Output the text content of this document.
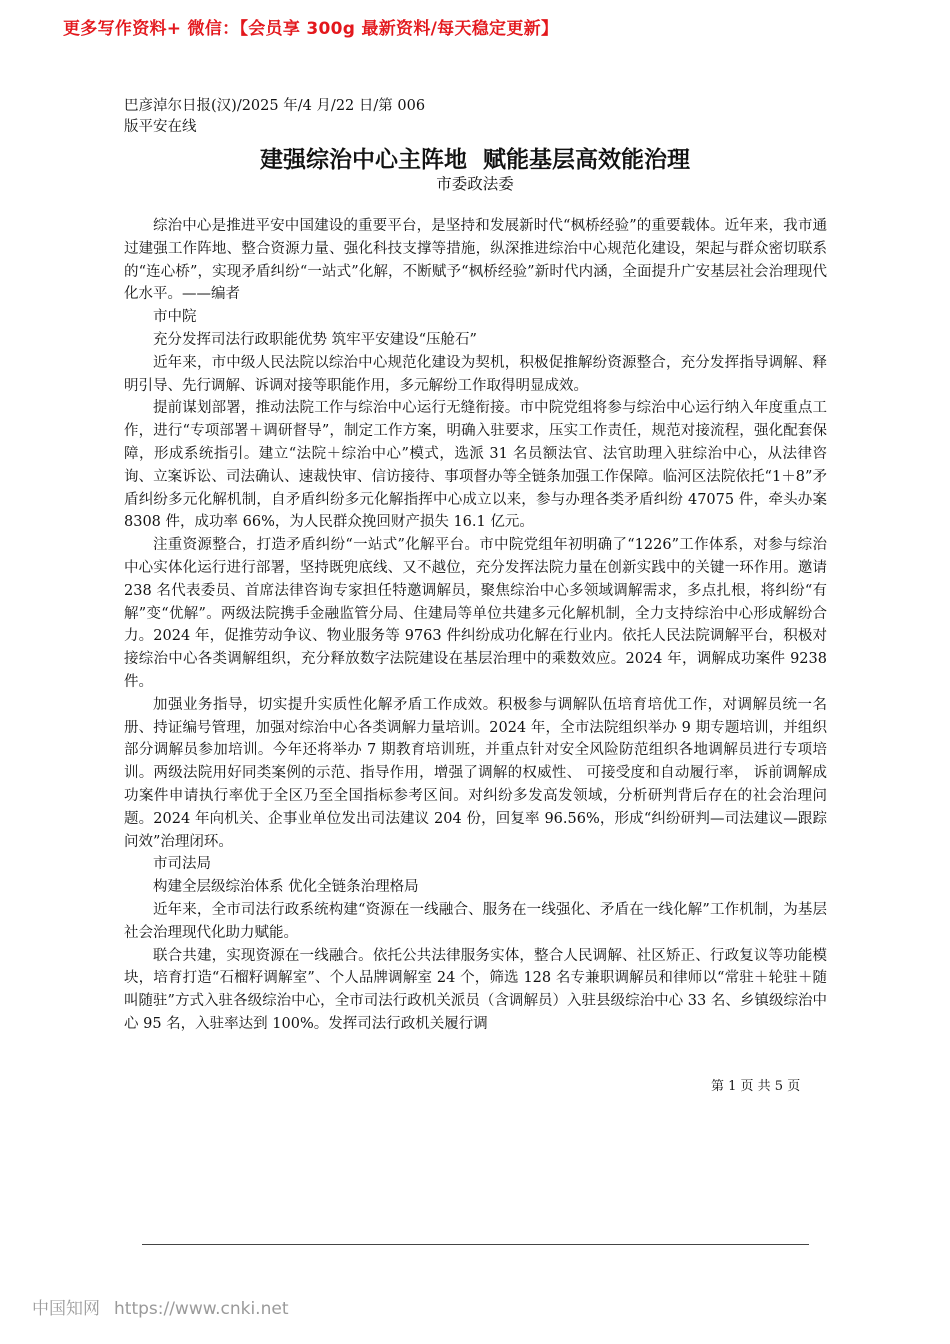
更多写作资料+ 微信：【会员享 300g 最新资料/每天稳定更新】
巴彦淖尔日报(汉)/2025 年/4 月/22 日/第 006
版平安在线
建强综治中心主阵地  赋能基层高效能治理
市委政法委

综治中心是推进平安中国建设的重要平台，是坚持和发展新时代“枫桥经验”的重要载体。近年来，我市通过建强工作阵地、整合资源力量、强化科技支撑等措施，纵深推进综治中心规范化建设，架起与群众密切联系的“连心桥”，实现矛盾纠纷“一站式”化解，不断赋予“枫桥经验”新时代内涵，全面提升广安基层社会治理现代化水平。——编者

市中院

充分发挥司法行政职能优势 筑牢平安建设“压舱石”

近年来，市中级人民法院以综治中心规范化建设为契机，积极促推解纷资源整合，充分发挥指导调解、释明引导、先行调解、诉调对接等职能作用，多元解纷工作取得明显成效。

提前谋划部署，推动法院工作与综治中心运行无缝衔接。市中院党组将参与综治中心运行纳入年度重点工作，进行“专项部署＋调研督导”，制定工作方案，明确入驻要求，压实工作责任，规范对接流程，强化配套保障，形成系统指引。建立“法院＋综治中心”模式，选派 31 名员额法官、法官助理入驻综治中心，从法律咨询、立案诉讼、司法确认、速裁快审、信访接待、事项督办等全链条加强工作保障。临河区法院依托“1＋8”矛盾纠纷多元化解机制，自矛盾纠纷多元化解指挥中心成立以来，参与办理各类矛盾纠纷 47075 件，牵头办案 8308 件，成功率 66%，为人民群众挽回财产损失 16.1 亿元。

注重资源整合，打造矛盾纠纷“一站式”化解平台。市中院党组年初明确了“1226”工作体系，对参与综治中心实体化运行进行部署，坚持既兜底线、又不越位，充分发挥法院力量在创新实践中的关键一环作用。邀请 238 名代表委员、首席法律咨询专家担任特邀调解员，聚焦综治中心多领域调解需求，多点扎根，将纠纷“有解”变“优解”。两级法院携手金融监管分局、住建局等单位共建多元化解机制，全力支持综治中心形成解纷合力。2024 年，促推劳动争议、物业服务等 9763 件纠纷成功化解在行业内。依托人民法院调解平台，积极对接综治中心各类调解组织，充分释放数字法院建设在基层治理中的乘数效应。2024 年，调解成功案件 9238 件。

加强业务指导，切实提升实质性化解矛盾工作成效。积极参与调解队伍培育培优工作，对调解员统一名册、持证编号管理，加强对综治中心各类调解力量培训。2024 年，全市法院组织举办 9 期专题培训，并组织部分调解员参加培训。今年还将举办 7 期教育培训班，并重点针对安全风险防范组织各地调解员进行专项培训。两级法院用好同类案例的示范、指导作用，增强了调解的权威性、 可接受度和自动履行率， 诉前调解成功案件申请执行率优于全区乃至全国指标参考区间。对纠纷多发高发领域，分析研判背后存在的社会治理问题。2024 年向机关、企事业单位发出司法建议 204 份，回复率 96.56%，形成“纠纷研判—司法建议—跟踪问效”治理闭环。

市司法局

构建全层级综治体系 优化全链条治理格局

近年来，全市司法行政系统构建“资源在一线融合、服务在一线强化、矛盾在一线化解”工作机制，为基层社会治理现代化助力赋能。

联合共建，实现资源在一线融合。依托公共法律服务实体，整合人民调解、社区矫正、行政复议等功能模块，培育打造“石榴籽调解室”、个人品牌调解室 24 个，筛选 128 名专兼职调解员和律师以“常驻＋轮驻＋随叫随驻”方式入驻各级综治中心，全市司法行政机关派员（含调解员）入驻县级综治中心 33 名、乡镇级综治中心 95 名，入驻率达到 100%。发挥司法行政机关履行调

第 1 页 共 5 页
中国知网 https://www.cnki.net
